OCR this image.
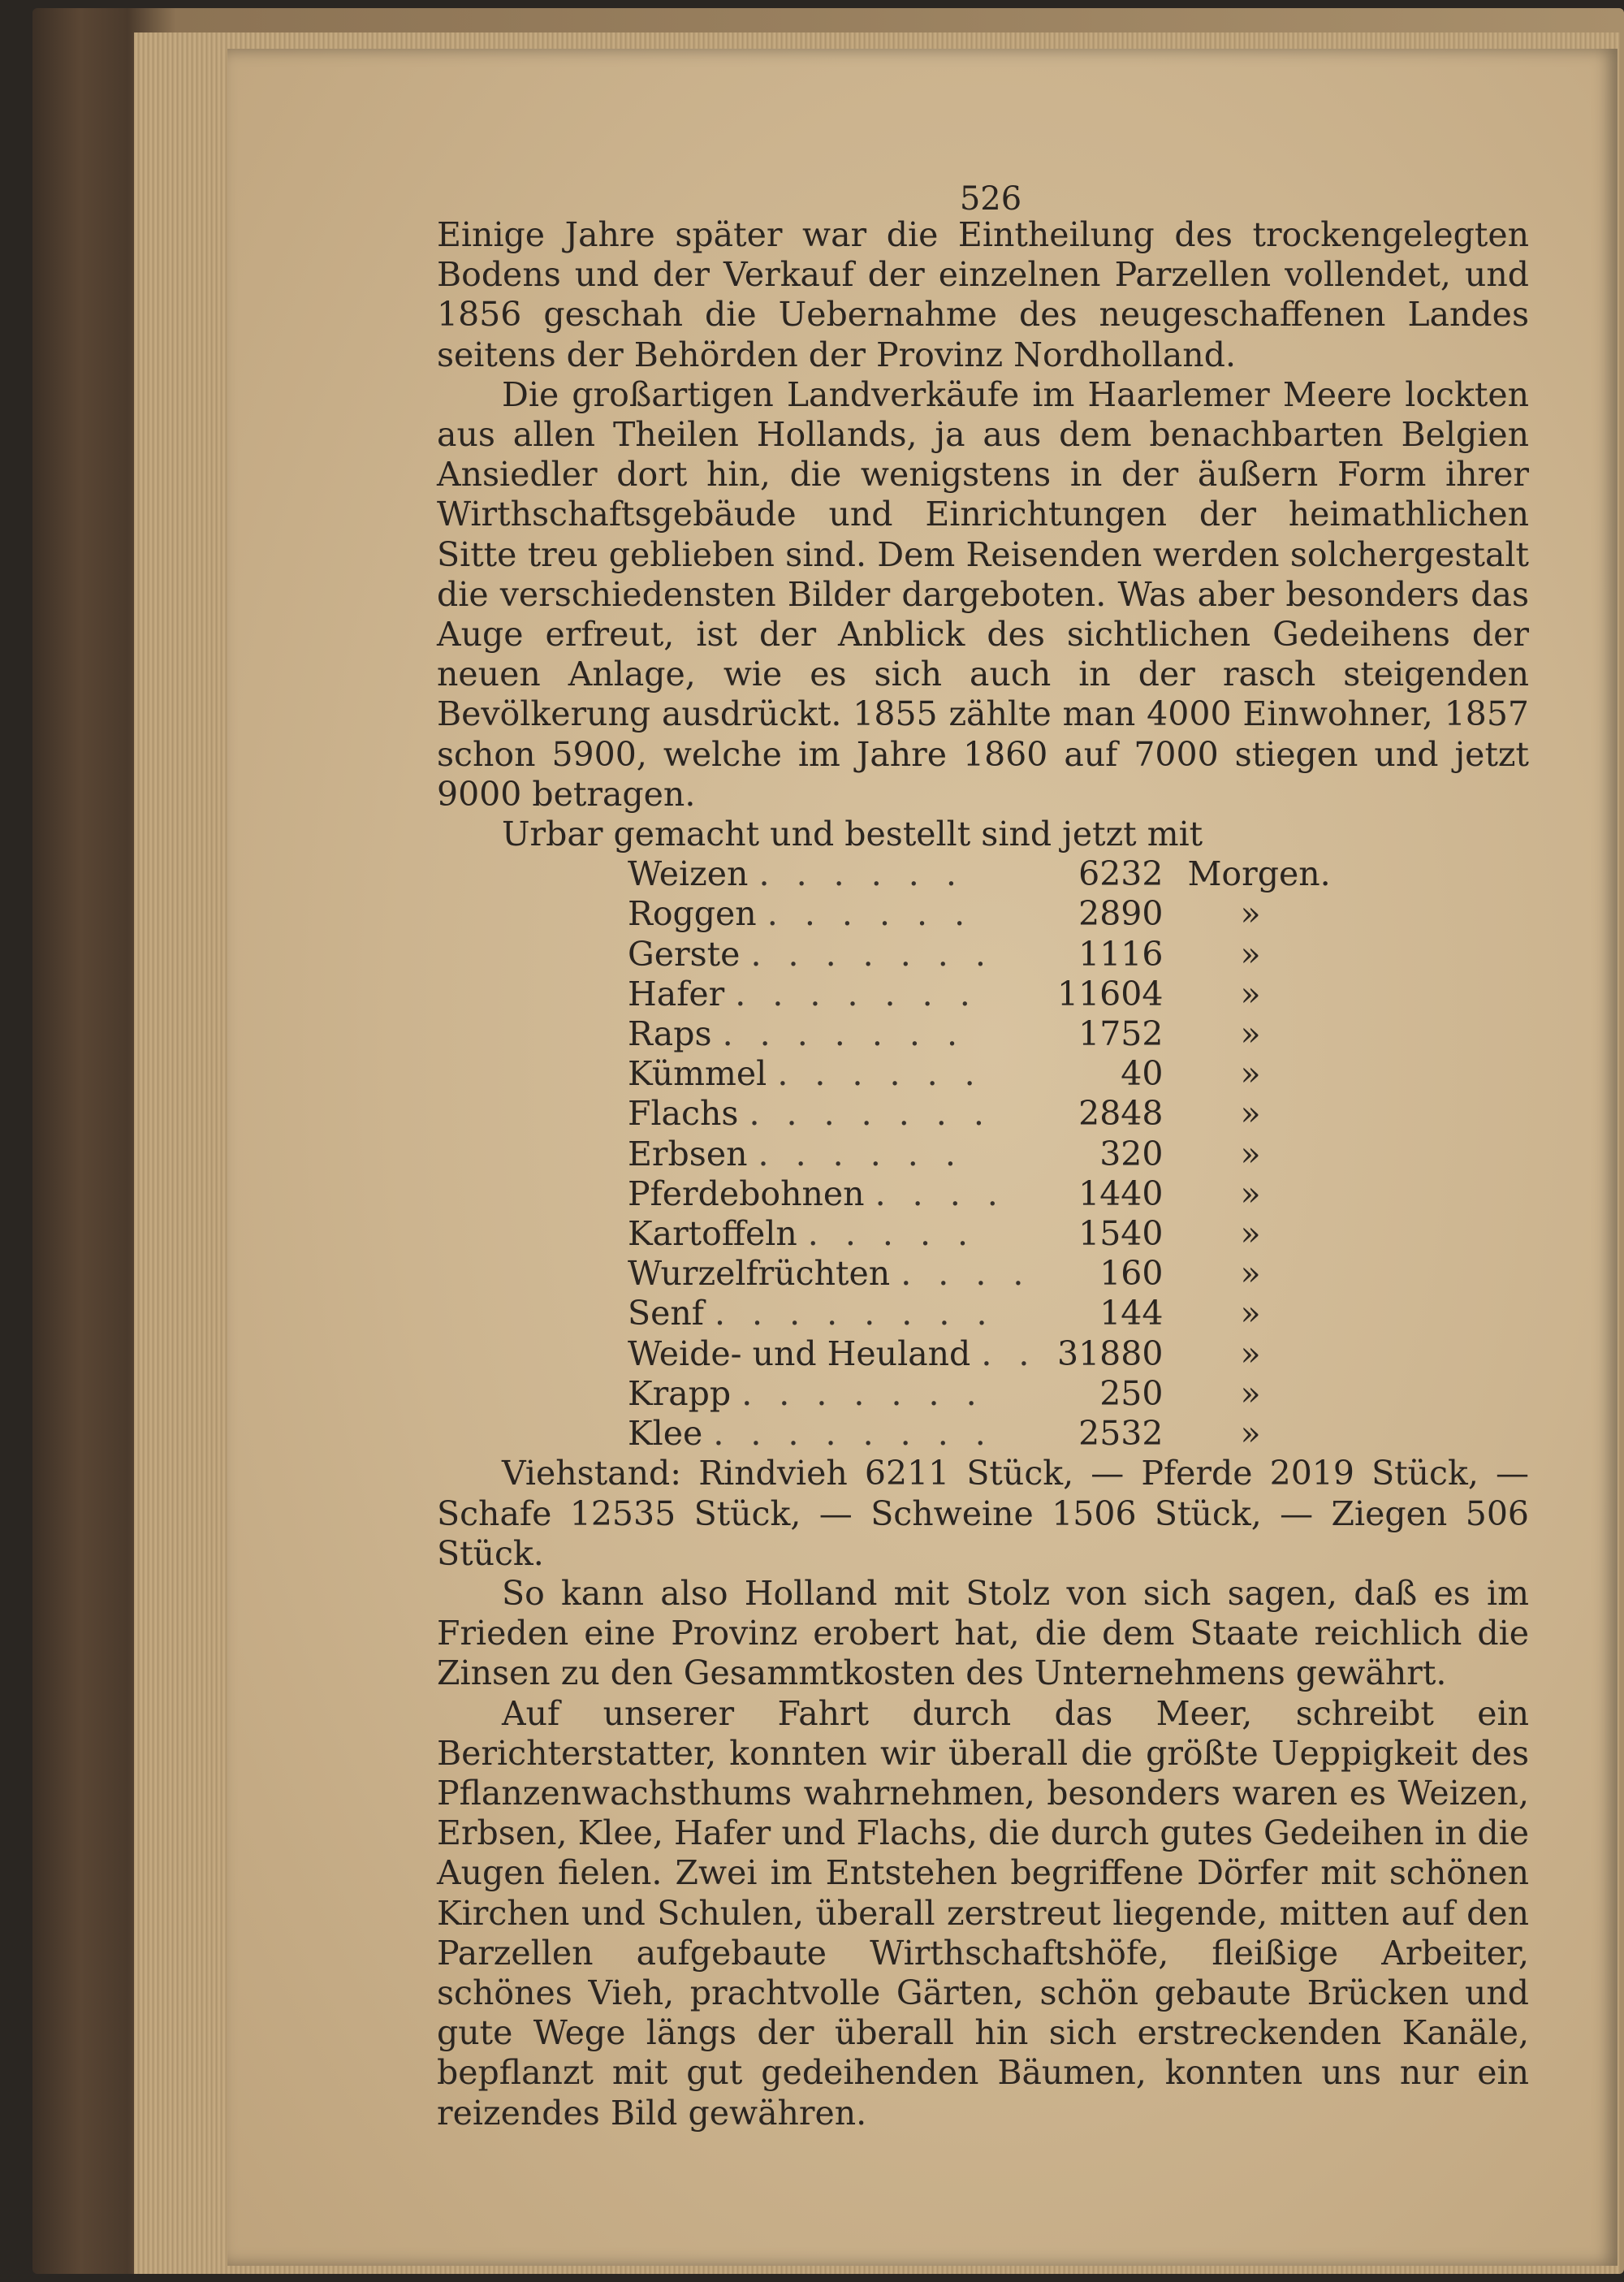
526

Einige Jahre später war die Eintheilung des trockengelegten Bodens und der Verkauf der einzelnen Parzellen vollendet, und 1856 geschah die Uebernahme des neugeschaffenen Landes seitens der Behörden der Provinz Nordholland.

Die großartigen Landverkäufe im Haarlemer Meere lockten aus allen Theilen Hollands, ja aus dem benachbarten Belgien Ansiedler dort hin, die wenigstens in der äußern Form ihrer Wirthschaftsgebäude und Einrichtungen der heimathlichen Sitte treu geblieben sind. Dem Reisenden werden solchergestalt die verschiedensten Bilder dargeboten. Was aber besonders das Auge erfreut, ist der Anblick des sichtlichen Gedeihens der neuen Anlage, wie es sich auch in der rasch steigenden Bevölkerung ausdrückt. 1855 zählte man 4000 Einwohner, 1857 schon 5900, welche im Jahre 1860 auf 7000 stiegen und jetzt 9000 betragen.

Urbar gemacht und bestellt sind jetzt mit

Weizen . . . . . .	6232	Morgen.
Roggen . . . . . .	2890	»
Gerste . . . . . . .	1116	»
Hafer . . . . . . .	11604	»
Raps . . . . . . .	1752	»
Kümmel . . . . . .	40	»
Flachs . . . . . . .	2848	»
Erbsen . . . . . .	320	»
Pferdebohnen . . . .	1440	»
Kartoffeln . . . . .	1540	»
Wurzelfrüchten . . . .	160	»
Senf . . . . . . . .	144	»
Weide- und Heuland . .	31880	»
Krapp . . . . . . .	250	»
Klee . . . . . . . .	2532	»

Viehstand: Rindvieh 6211 Stück, — Pferde 2019 Stück, — Schafe 12535 Stück, — Schweine 1506 Stück, — Ziegen 506 Stück.

So kann also Holland mit Stolz von sich sagen, daß es im Frieden eine Provinz erobert hat, die dem Staate reichlich die Zinsen zu den Gesammtkosten des Unternehmens gewährt.

Auf unserer Fahrt durch das Meer, schreibt ein Berichterstatter, konnten wir überall die größte Ueppigkeit des Pflanzenwachsthums wahrnehmen, besonders waren es Weizen, Erbsen, Klee, Hafer und Flachs, die durch gutes Gedeihen in die Augen fielen. Zwei im Entstehen begriffene Dörfer mit schönen Kirchen und Schulen, überall zerstreut liegende, mitten auf den Parzellen aufgebaute Wirthschaftshöfe, fleißige Arbeiter, schönes Vieh, prachtvolle Gärten, schön gebaute Brücken und gute Wege längs der überall hin sich erstreckenden Kanäle, bepflanzt mit gut gedeihenden Bäumen, konnten uns nur ein reizendes Bild gewähren.
